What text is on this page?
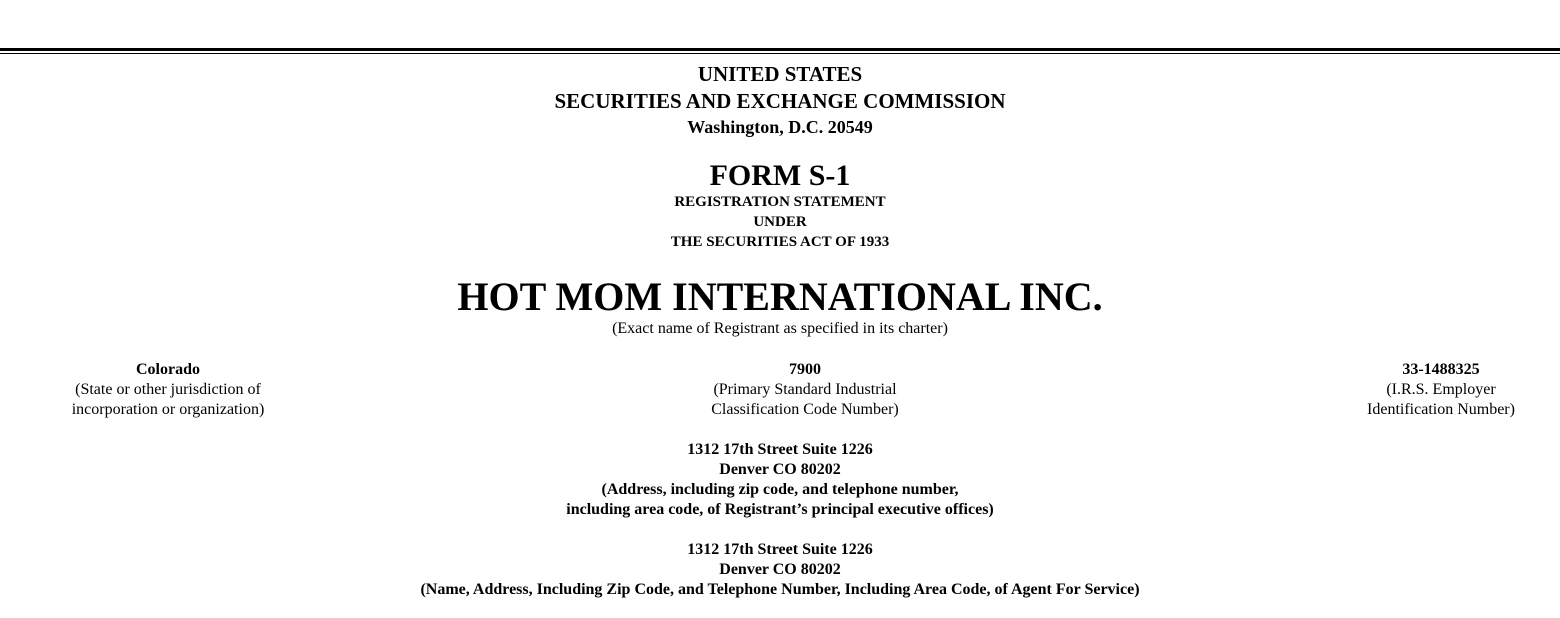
UNITED STATES
SECURITIES AND EXCHANGE COMMISSION
Washington, D.C. 20549
FORM S-1
REGISTRATION STATEMENT
UNDER
THE SECURITIES ACT OF 1933
HOT MOM INTERNATIONAL INC.
(Exact name of Registrant as specified in its charter)
Colorado
(State or other jurisdiction of
incorporation or organization)
7900
(Primary Standard Industrial
Classification Code Number)
33-1488325
(I.R.S. Employer
Identification Number)
1312 17th Street Suite 1226
Denver CO 80202
(Address, including zip code, and telephone number,
including area code, of Registrant’s principal executive offices)
1312 17th Street Suite 1226
Denver CO 80202
(Name, Address, Including Zip Code, and Telephone Number, Including Area Code, of Agent For Service)
